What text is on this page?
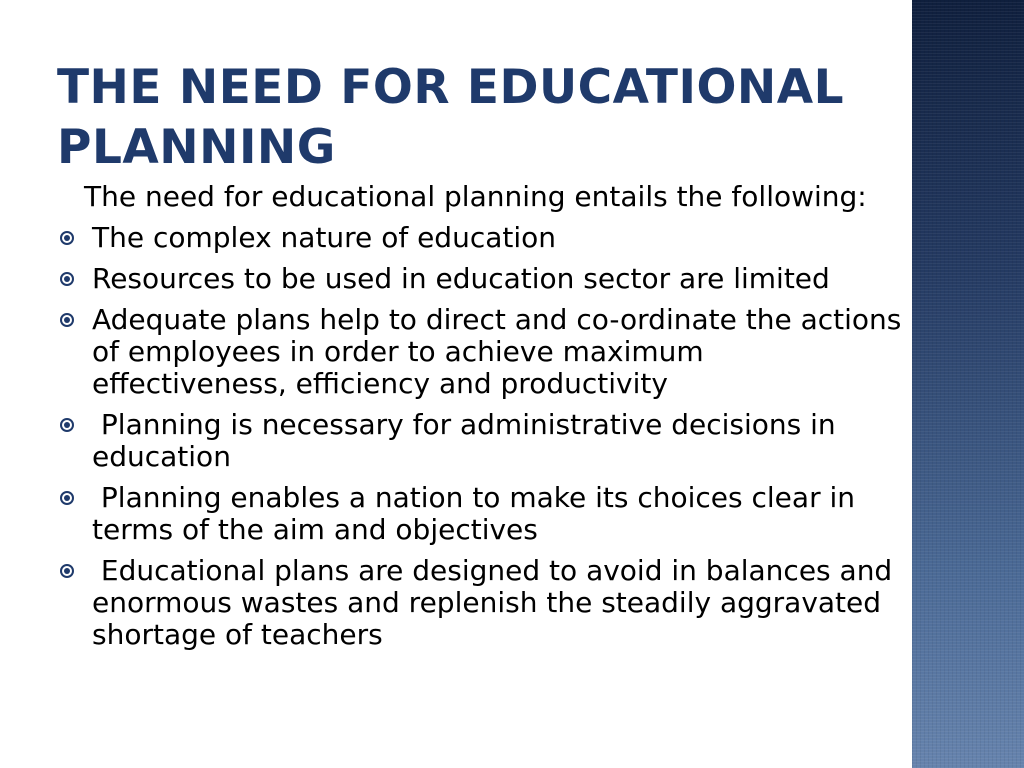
THE NEED FOR EDUCATIONAL PLANNING

The need for educational planning entails the following:

The complex nature of education
Resources to be used in education sector are limited
Adequate plans help to direct and co-ordinate the actions of employees in order to achieve maximum effectiveness, efficiency and productivity
Planning is necessary for administrative decisions in education
Planning enables a nation to make its choices clear in terms of the aim and objectives
Educational plans are designed to avoid in balances and enormous wastes and replenish the steadily aggravated shortage of teachers
